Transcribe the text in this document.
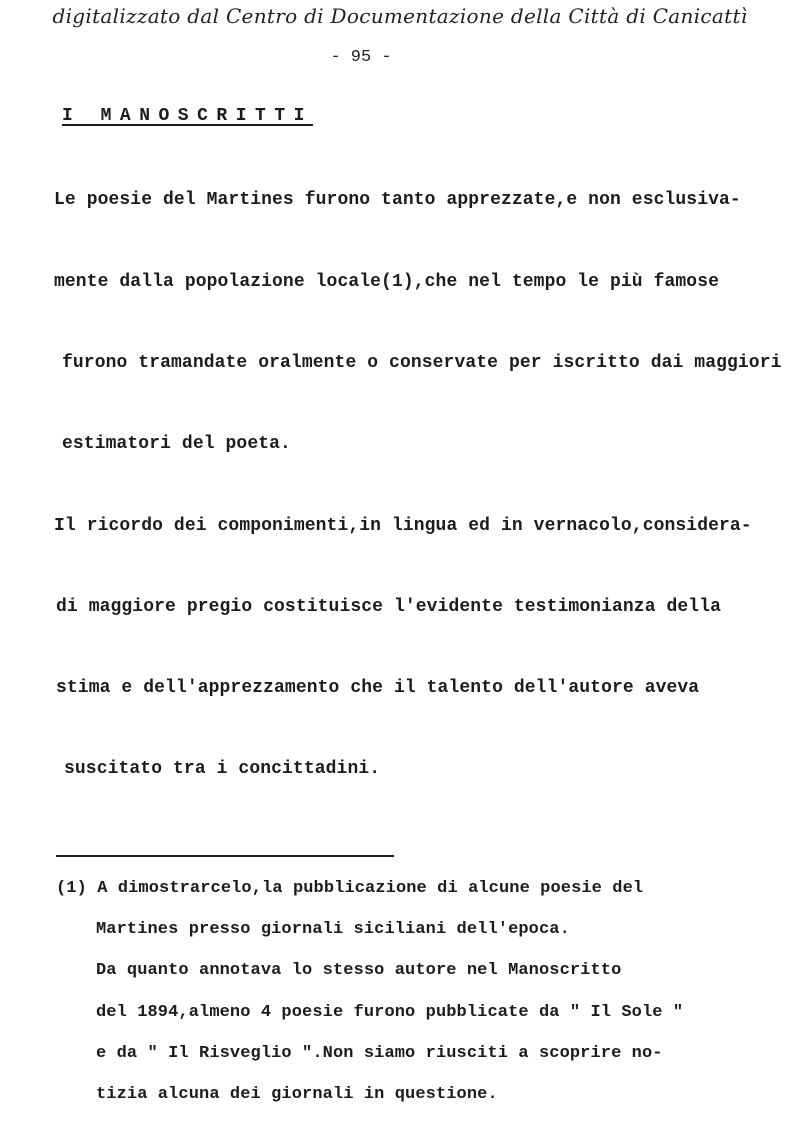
digitalizzato dal Centro di Documentazione della Città di Canicattì
- 95 -
I MANOSCRITTI
Le poesie del Martines furono tanto apprezzate,e non esclusiva-
mente dalla popolazione locale(1),che nel tempo le più famose
furono tramandate oralmente o conservate per iscritto dai maggiori
estimatori del poeta.
Il ricordo dei componimenti,in lingua ed in vernacolo,considera-
di maggiore pregio costituisce l'evidente testimonianza della
stima e dell'apprezzamento che il talento dell'autore aveva
suscitato tra i concittadini.
(1) A dimostrarcelo,la pubblicazione di alcune poesie del
Martines presso giornali siciliani dell'epoca.
Da quanto annotava lo stesso autore nel Manoscritto
del 1894,almeno 4 poesie furono pubblicate da " Il Sole "
e da " Il Risveglio ".Non siamo riusciti a scoprire no-
tizia alcuna dei giornali in questione.
